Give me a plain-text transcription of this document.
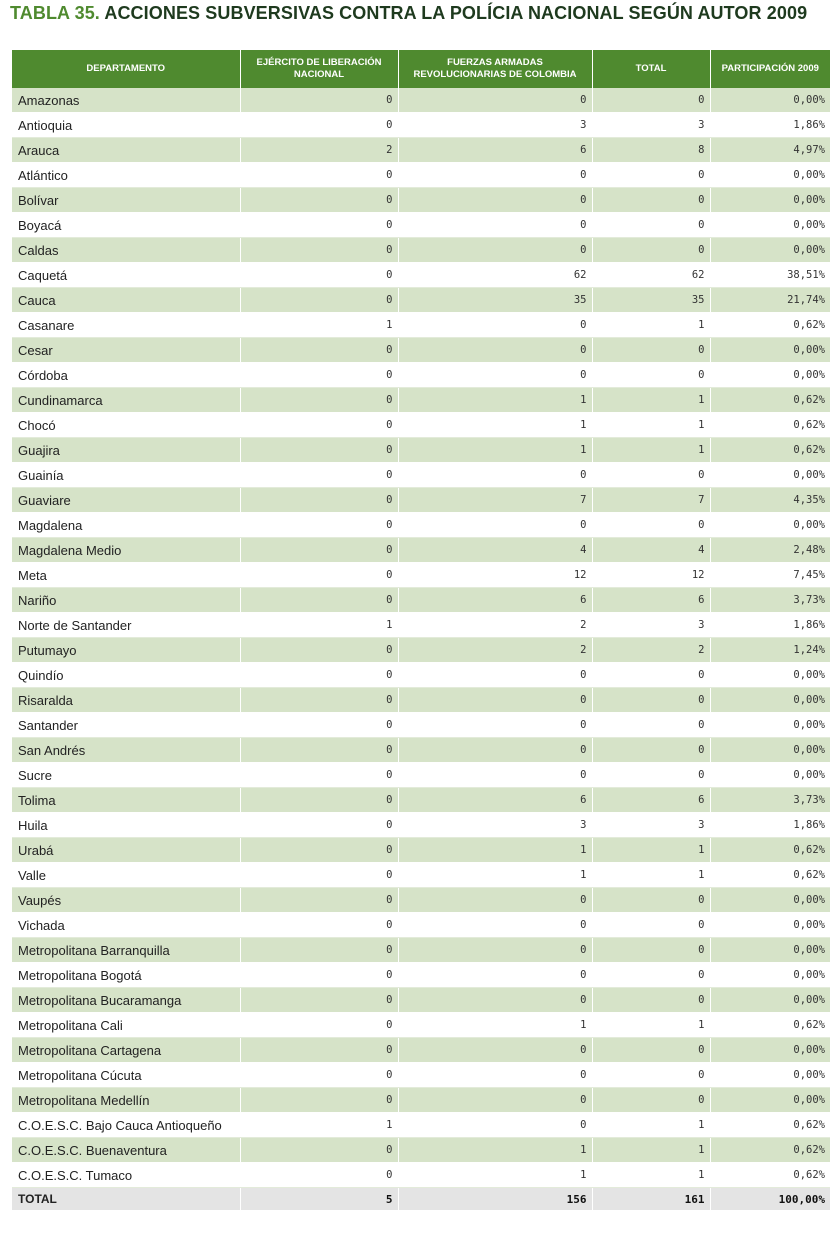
TABLA 35. ACCIONES SUBVERSIVAS CONTRA LA POLÍCIA NACIONAL SEGÚN AUTOR 2009
DEPARTAMENTO	EJÉRCITO DE LIBERACIÓN NACIONAL	FUERZAS ARMADAS REVOLUCIONARIAS DE COLOMBIA	TOTAL	PARTICIPACIÓN 2009
Amazonas	0	0	0	0,00%
Antioquia	0	3	3	1,86%
Arauca	2	6	8	4,97%
Atlántico	0	0	0	0,00%
Bolívar	0	0	0	0,00%
Boyacá	0	0	0	0,00%
Caldas	0	0	0	0,00%
Caquetá	0	62	62	38,51%
Cauca	0	35	35	21,74%
Casanare	1	0	1	0,62%
Cesar	0	0	0	0,00%
Córdoba	0	0	0	0,00%
Cundinamarca	0	1	1	0,62%
Chocó	0	1	1	0,62%
Guajira	0	1	1	0,62%
Guainía	0	0	0	0,00%
Guaviare	0	7	7	4,35%
Magdalena	0	0	0	0,00%
Magdalena Medio	0	4	4	2,48%
Meta	0	12	12	7,45%
Nariño	0	6	6	3,73%
Norte de Santander	1	2	3	1,86%
Putumayo	0	2	2	1,24%
Quindío	0	0	0	0,00%
Risaralda	0	0	0	0,00%
Santander	0	0	0	0,00%
San Andrés	0	0	0	0,00%
Sucre	0	0	0	0,00%
Tolima	0	6	6	3,73%
Huila	0	3	3	1,86%
Urabá	0	1	1	0,62%
Valle	0	1	1	0,62%
Vaupés	0	0	0	0,00%
Vichada	0	0	0	0,00%
Metropolitana Barranquilla	0	0	0	0,00%
Metropolitana Bogotá	0	0	0	0,00%
Metropolitana Bucaramanga	0	0	0	0,00%
Metropolitana Cali	0	1	1	0,62%
Metropolitana Cartagena	0	0	0	0,00%
Metropolitana Cúcuta	0	0	0	0,00%
Metropolitana Medellín	0	0	0	0,00%
C.O.E.S.C. Bajo Cauca Antioqueño	1	0	1	0,62%
C.O.E.S.C. Buenaventura	0	1	1	0,62%
C.O.E.S.C. Tumaco	0	1	1	0,62%
TOTAL	5	156	161	100,00%
